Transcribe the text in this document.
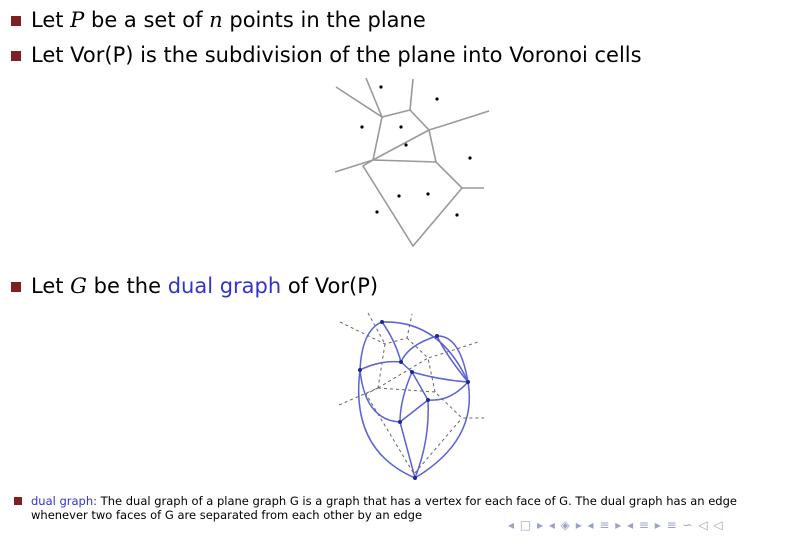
Let P be a set of n points in the plane
Let Vor(P) is the subdivision of the plane into Voronoi cells
Let G be the dual graph of Vor(P)
dual graph: The dual graph of a plane graph G is a graph that has a vertex for each face of G. The dual graph has an edge whenever two faces of G are separated from each other by an edge
◂ □ ▸ ◂ ◈ ▸ ◂ ≡ ▸ ◂ ≡ ▸ ≡ ∽ ◁ ◁
